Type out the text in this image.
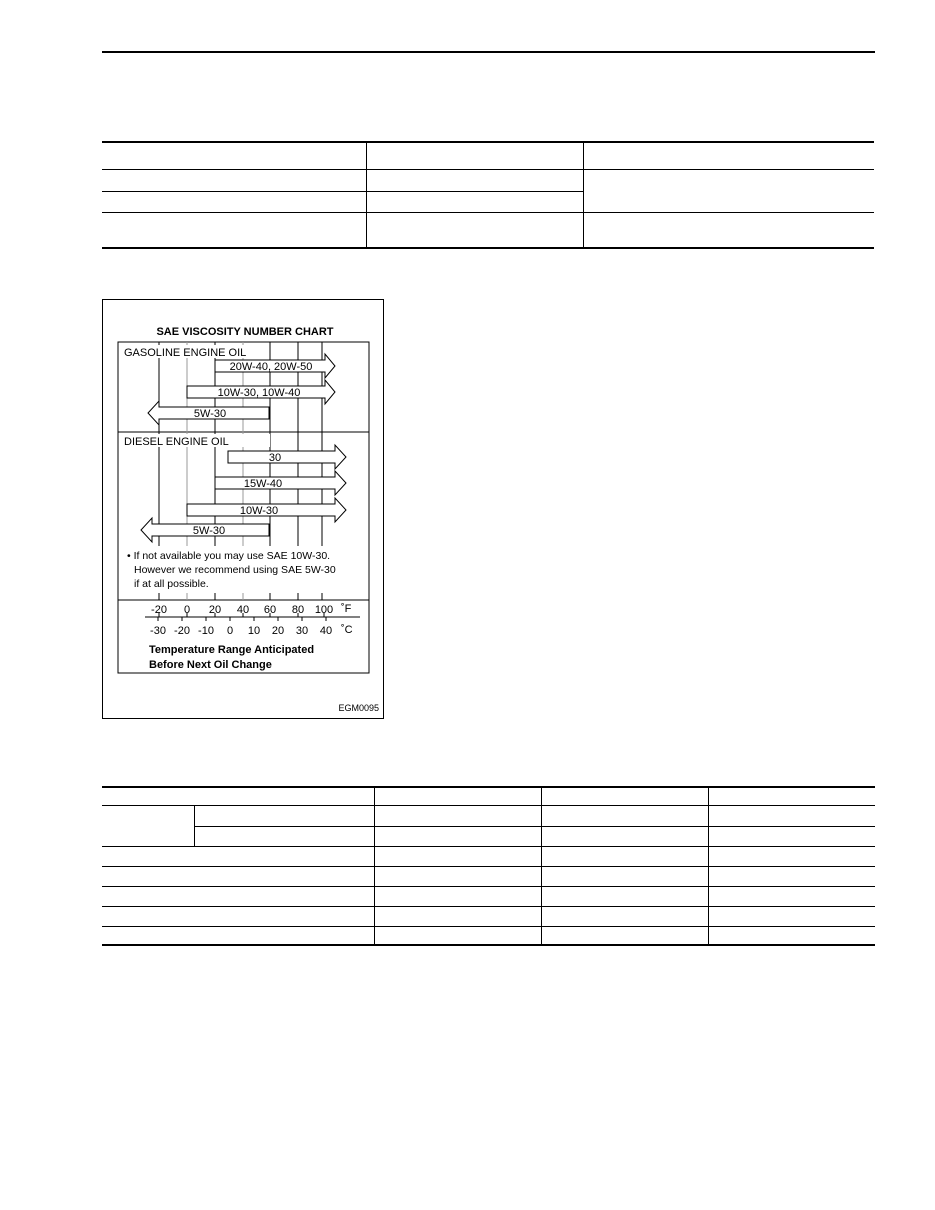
SAE VISCOSITY NUMBER CHART
GASOLINE ENGINE OIL
DIESEL ENGINE OIL
20W-40, 20W-50
10W-30, 10W-40
5W-30
30
15W-40
10W-30
5W-30
• If not available you may use SAE 10W-30.
However we recommend using SAE 5W-30
if at all possible.
-20 0 20 40 60 80 100 ˚F
-30 -20 -10 0 10 20 30 40 ˚C
Temperature Range Anticipated
Before Next Oil Change
EGM0095
